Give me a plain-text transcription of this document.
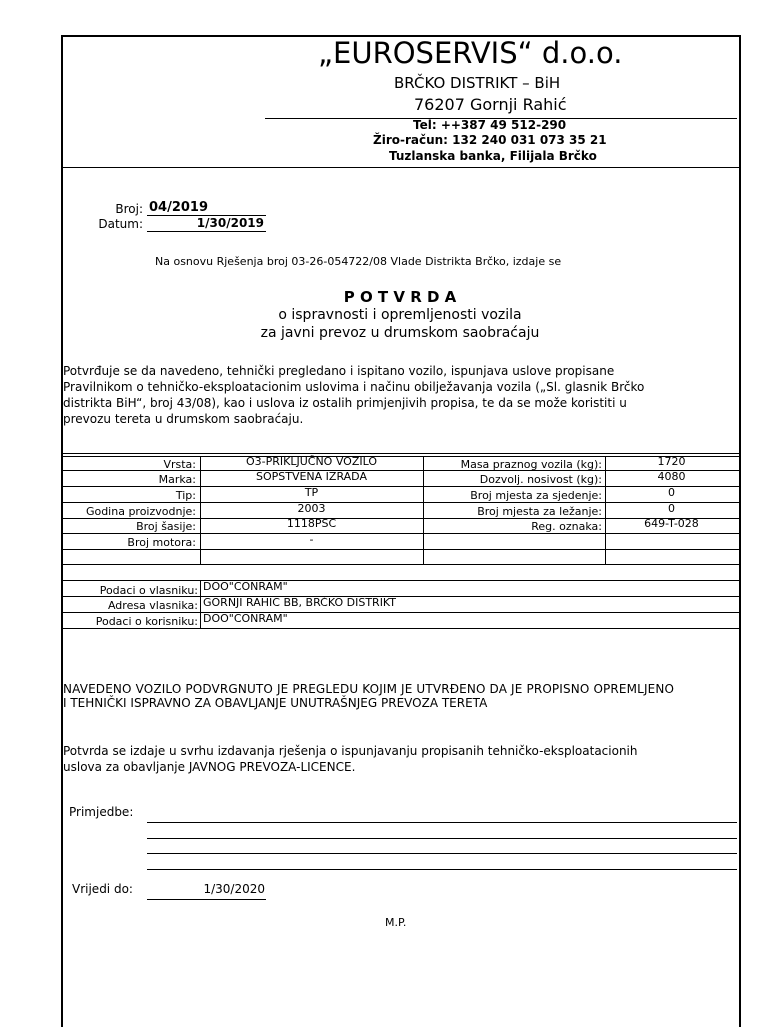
„EUROSERVIS“ d.o.o.
BRČKO DISTRIKT – BiH
76207 Gornji Rahić
Tel: ++387 49 512-290
Žiro-račun: 132 240 031 073 35 21
Tuzlanska banka, Filijala Brčko
Broj: 04/2019
Datum:	1/30/2019
Na osnovu Rješenja broj 03-26-054722/08 Vlade Distrikta Brčko, izdaje se
P O T V R D A
o ispravnosti i opremljenosti vozila
za javni prevoz u drumskom saobraćaju
Potvrđuje se da navedeno, tehnički pregledano i ispitano vozilo, ispunjava uslove propisane
Pravilnikom o tehničko-eksploatacionim uslovima i načinu obilježavanja vozila („Sl. glasnik Brčko
distrikta BiH“, broj 43/08), kao i uslova iz ostalih primjenjivih propisa, te da se može koristiti u
prevozu tereta u drumskom saobraćaju.
Vrsta:	O3-PRIKLJUČNO VOZILO	Masa praznog vozila (kg):	1720
Marka:	SOPSTVENA IZRADA	Dozvolj. nosivost (kg):	4080
Tip:	TP	Broj mjesta za sjedenje:	0
Godina proizvodnje:	2003	Broj mjesta za ležanje:	0
Broj šasije:	1118PSC	Reg. oznaka:	649-T-028
Broj motora:	-
Podaci o vlasniku: DOO"CONRAM"
Adresa vlasnika: GORNJI RAHIC BB, BRČKO DISTRIKT
Podaci o korisniku: DOO"CONRAM"
NAVEDENO VOZILO PODVRGNUTO JE PREGLEDU KOJIM JE UTVRĐENO DA JE PROPISNO OPREMLJENO
I TEHNIČKI ISPRAVNO ZA OBAVLJANJE UNUTRAŠNJEG PREVOZA TERETA
Potvrda se izdaje u svrhu izdavanja rješenja o ispunjavanju propisanih tehničko-eksploatacionih
uslova za obavljanje JAVNOG PREVOZA-LICENCE.
Primjedbe:
Vrijedi do:	1/30/2020
M.P.
